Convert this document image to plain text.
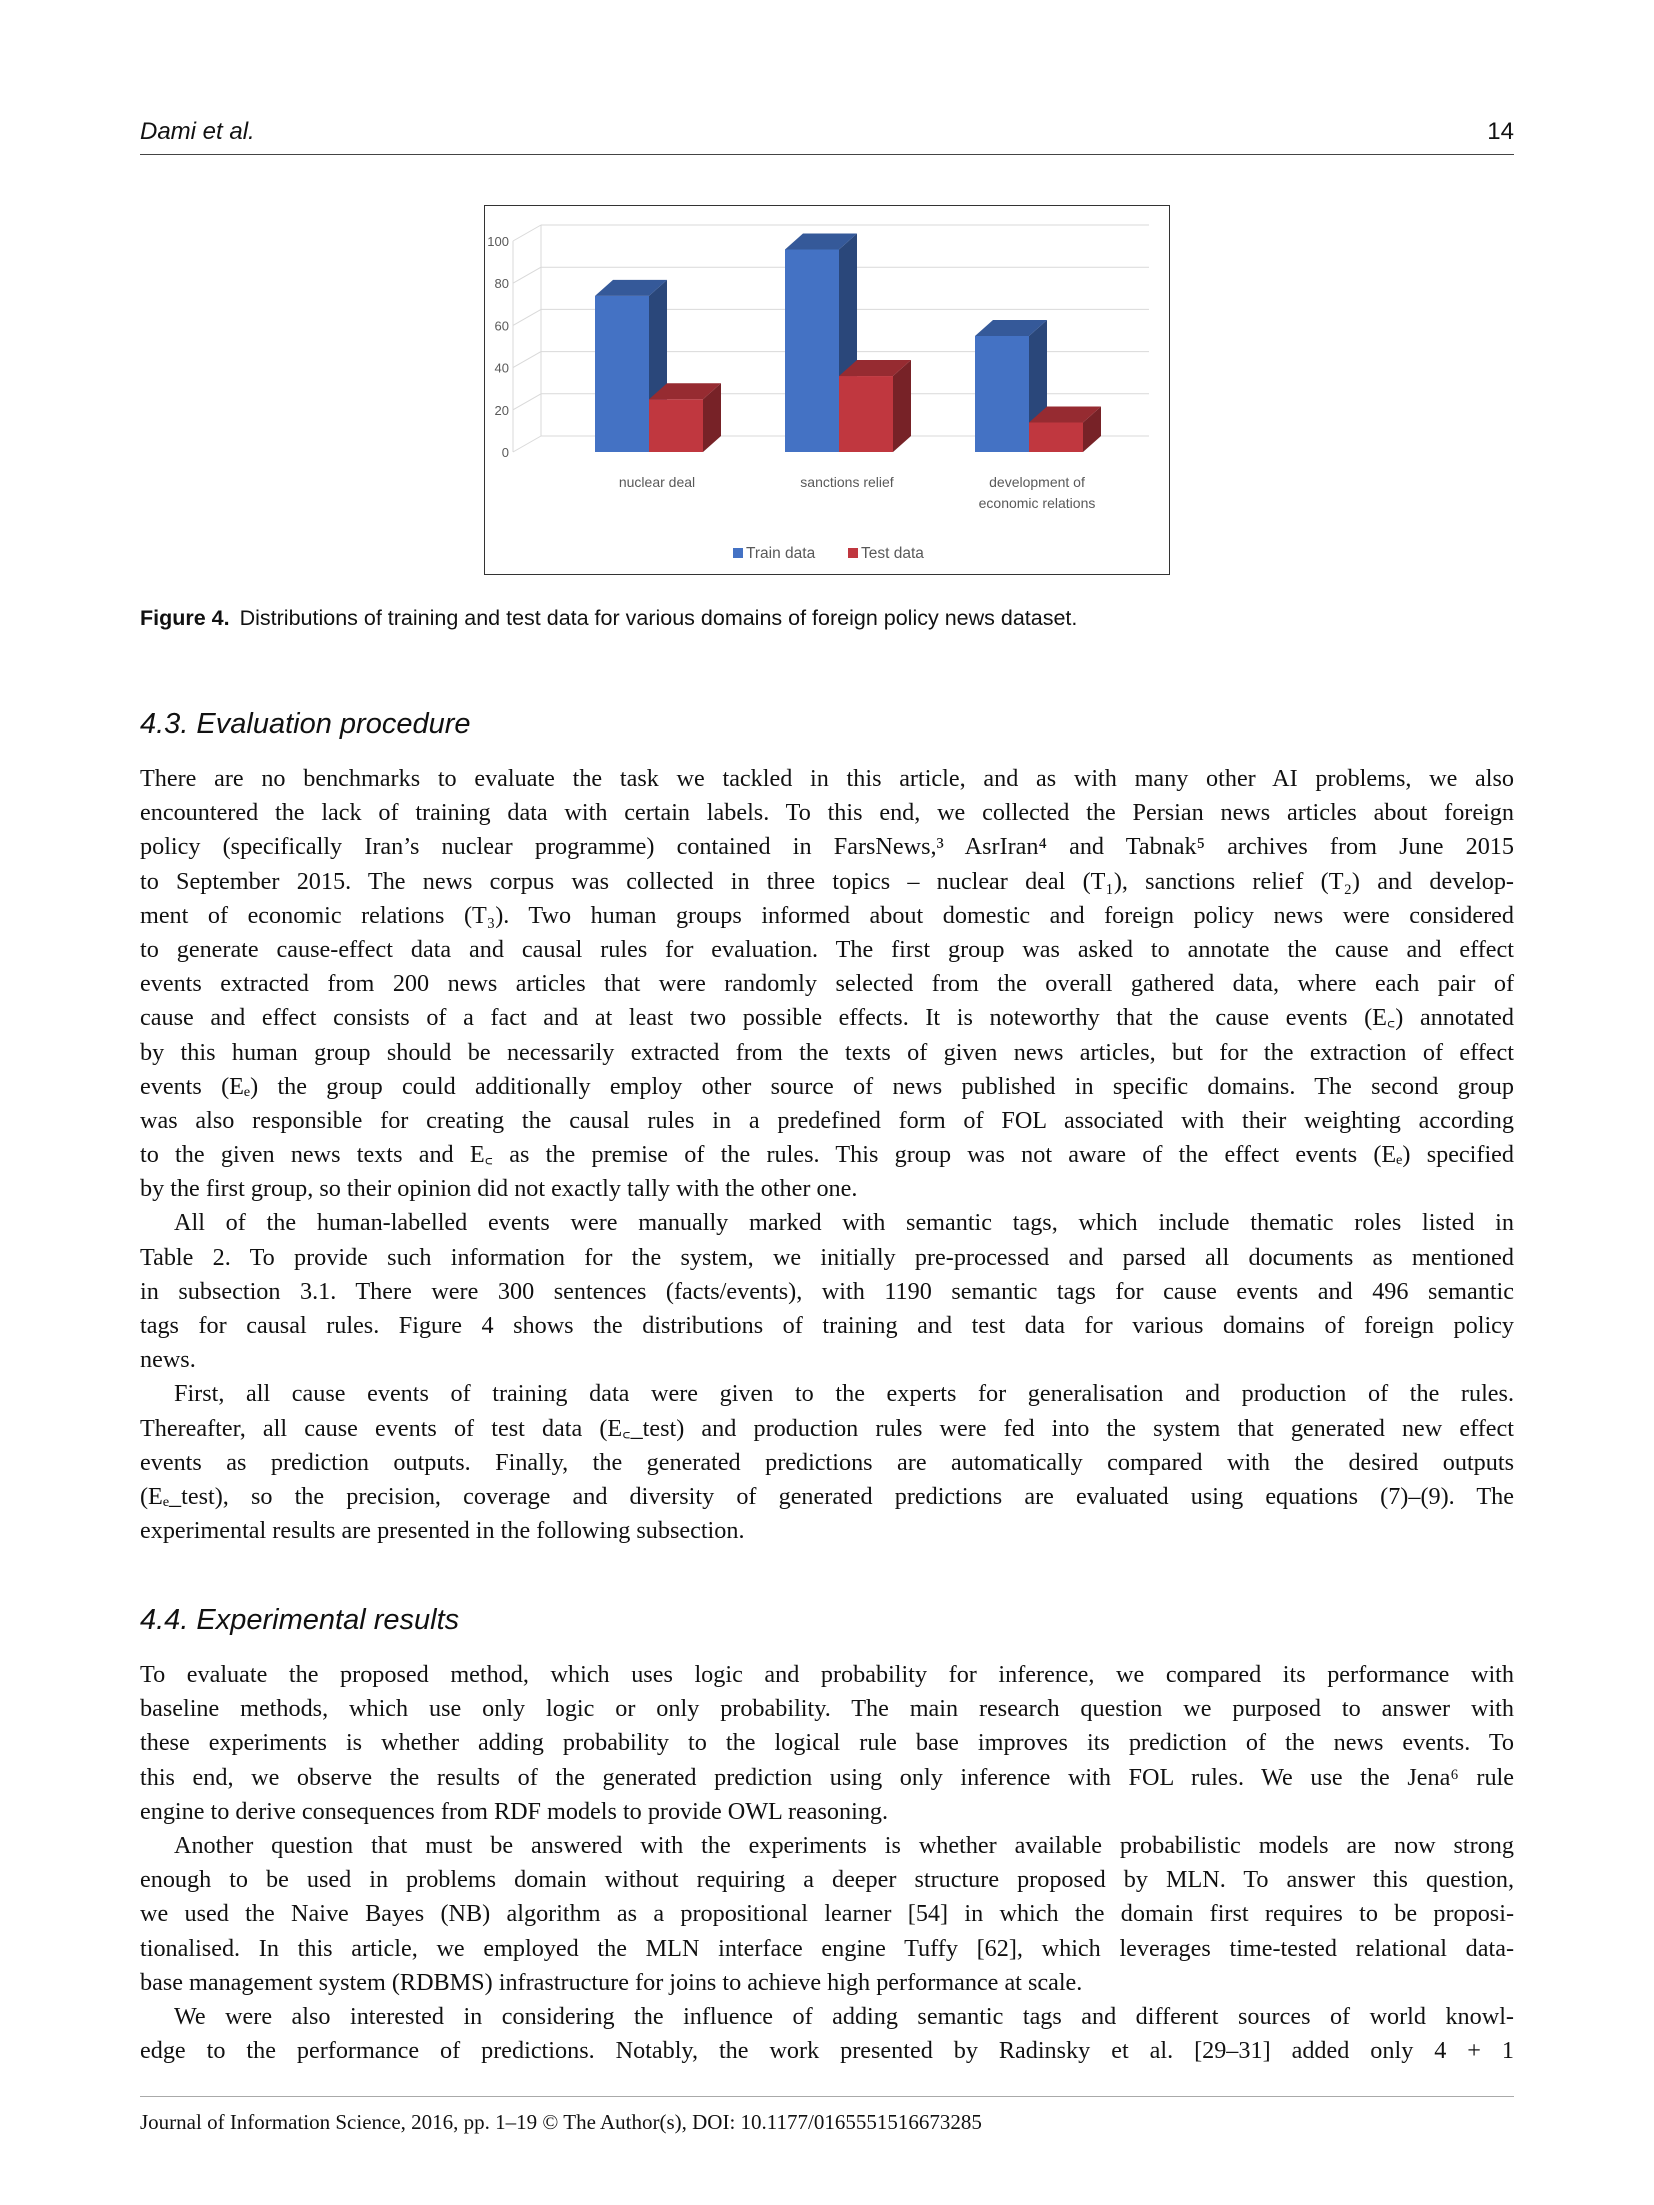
Dami et al.	14
0
20
40
60
80
100
nuclear deal	sanctions relief	development of
economic relations
Train data	Test data
Figure 4. Distributions of training and test data for various domains of foreign policy news dataset.
4.3. Evaluation procedure
There are no benchmarks to evaluate the task we tackled in this article, and as with many other AI problems, we also
encountered the lack of training data with certain labels. To this end, we collected the Persian news articles about foreign
policy (specifically Iran’s nuclear programme) contained in FarsNews,³ AsrIran⁴ and Tabnak⁵ archives from June 2015
to September 2015. The news corpus was collected in three topics – nuclear deal (T₁), sanctions relief (T₂) and develop-
ment of economic relations (T₃). Two human groups informed about domestic and foreign policy news were considered
to generate cause-effect data and causal rules for evaluation. The first group was asked to annotate the cause and effect
events extracted from 200 news articles that were randomly selected from the overall gathered data, where each pair of
cause and effect consists of a fact and at least two possible effects. It is noteworthy that the cause events (E꜀) annotated
by this human group should be necessarily extracted from the texts of given news articles, but for the extraction of effect
events (Eₑ) the group could additionally employ other source of news published in specific domains. The second group
was also responsible for creating the causal rules in a predefined form of FOL associated with their weighting according
to the given news texts and E꜀ as the premise of the rules. This group was not aware of the effect events (Eₑ) specified
by the first group, so their opinion did not exactly tally with the other one.
All of the human-labelled events were manually marked with semantic tags, which include thematic roles listed in
Table 2. To provide such information for the system, we initially pre-processed and parsed all documents as mentioned
in subsection 3.1. There were 300 sentences (facts/events), with 1190 semantic tags for cause events and 496 semantic
tags for causal rules. Figure 4 shows the distributions of training and test data for various domains of foreign policy
news.
First, all cause events of training data were given to the experts for generalisation and production of the rules.
Thereafter, all cause events of test data (E꜀_test) and production rules were fed into the system that generated new effect
events as prediction outputs. Finally, the generated predictions are automatically compared with the desired outputs
(Eₑ_test), so the precision, coverage and diversity of generated predictions are evaluated using equations (7)–(9). The
experimental results are presented in the following subsection.
4.4. Experimental results
To evaluate the proposed method, which uses logic and probability for inference, we compared its performance with
baseline methods, which use only logic or only probability. The main research question we purposed to answer with
these experiments is whether adding probability to the logical rule base improves its prediction of the news events. To
this end, we observe the results of the generated prediction using only inference with FOL rules. We use the Jena⁶ rule
engine to derive consequences from RDF models to provide OWL reasoning.
Another question that must be answered with the experiments is whether available probabilistic models are now strong
enough to be used in problems domain without requiring a deeper structure proposed by MLN. To answer this question,
we used the Naive Bayes (NB) algorithm as a propositional learner [54] in which the domain first requires to be proposi-
tionalised. In this article, we employed the MLN interface engine Tuffy [62], which leverages time-tested relational data-
base management system (RDBMS) infrastructure for joins to achieve high performance at scale.
We were also interested in considering the influence of adding semantic tags and different sources of world knowl-
edge to the performance of predictions. Notably, the work presented by Radinsky et al. [29–31] added only 4 + 1
Journal of Information Science, 2016, pp. 1–19 © The Author(s), DOI: 10.1177/0165551516673285
